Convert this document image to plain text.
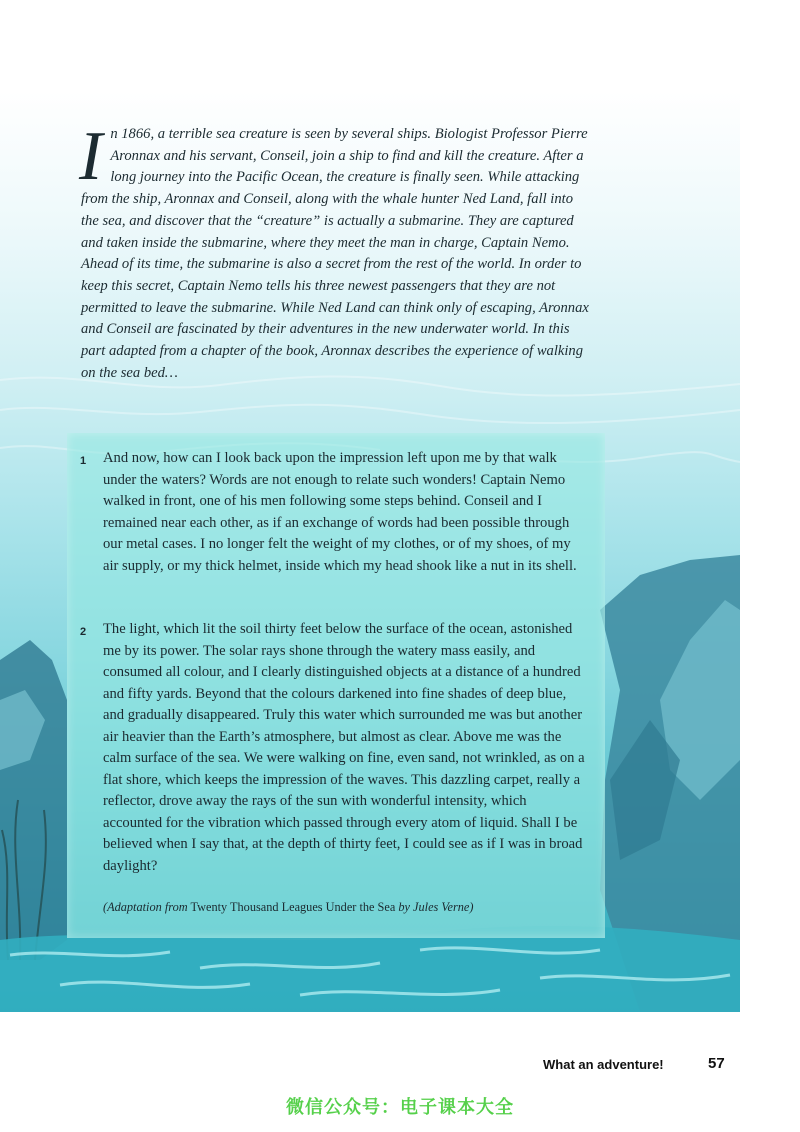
I n 1866, a terrible sea creature is seen by several ships. Biologist Professor Pierre Aronnax and his servant, Conseil, join a ship to find and kill the creature. After a long journey into the Pacific Ocean, the creature is finally seen. While attacking from the ship, Aronnax and Conseil, along with the whale hunter Ned Land, fall into the sea, and discover that the “creature” is actually a submarine. They are captured and taken inside the submarine, where they meet the man in charge, Captain Nemo. Ahead of its time, the submarine is also a secret from the rest of the world. In order to keep this secret, Captain Nemo tells his three newest passengers that they are not permitted to leave the submarine. While Ned Land can think only of escaping, Aronnax and Conseil are fascinated by their adventures in the new underwater world. In this part adapted from a chapter of the book, Aronnax describes the experience of walking on the sea bed…

1 And now, how can I look back upon the impression left upon me by that walk under the waters? Words are not enough to relate such wonders! Captain Nemo walked in front, one of his men following some steps behind. Conseil and I remained near each other, as if an exchange of words had been possible through our metal cases. I no longer felt the weight of my clothes, or of my shoes, of my air supply, or my thick helmet, inside which my head shook like a nut in its shell.

2 The light, which lit the soil thirty feet below the surface of the ocean, astonished me by its power. The solar rays shone through the watery mass easily, and consumed all colour, and I clearly distinguished objects at a distance of a hundred and fifty yards. Beyond that the colours darkened into fine shades of deep blue, and gradually disappeared. Truly this water which surrounded me was but another air heavier than the Earth’s atmosphere, but almost as clear. Above me was the calm surface of the sea. We were walking on fine, even sand, not wrinkled, as on a flat shore, which keeps the impression of the waves. This dazzling carpet, really a reflector, drove away the rays of the sun with wonderful intensity, which accounted for the vibration which passed through every atom of liquid. Shall I be believed when I say that, at the depth of thirty feet, I could see as if I was in broad daylight?

(Adaptation from Twenty Thousand Leagues Under the Sea by Jules Verne)
What an adventure!	57
微信公众号：电子课本大全
